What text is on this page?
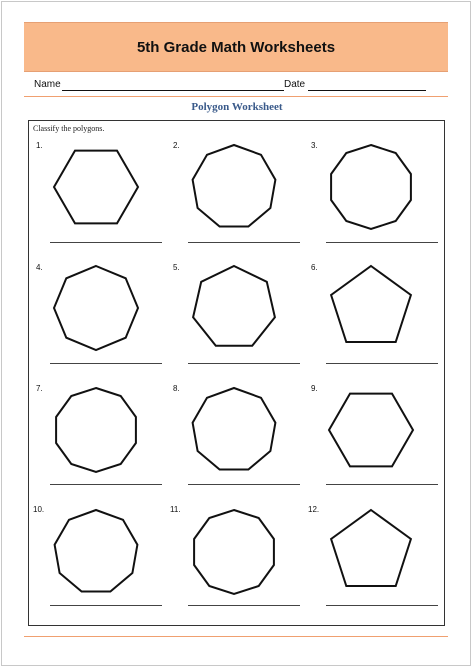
5th Grade Math Worksheets
Name	Date
Polygon Worksheet
Classify the polygons.
1.	2.	3.
4.	5.	6.
7.	8.	9.
10.	11.	12.
